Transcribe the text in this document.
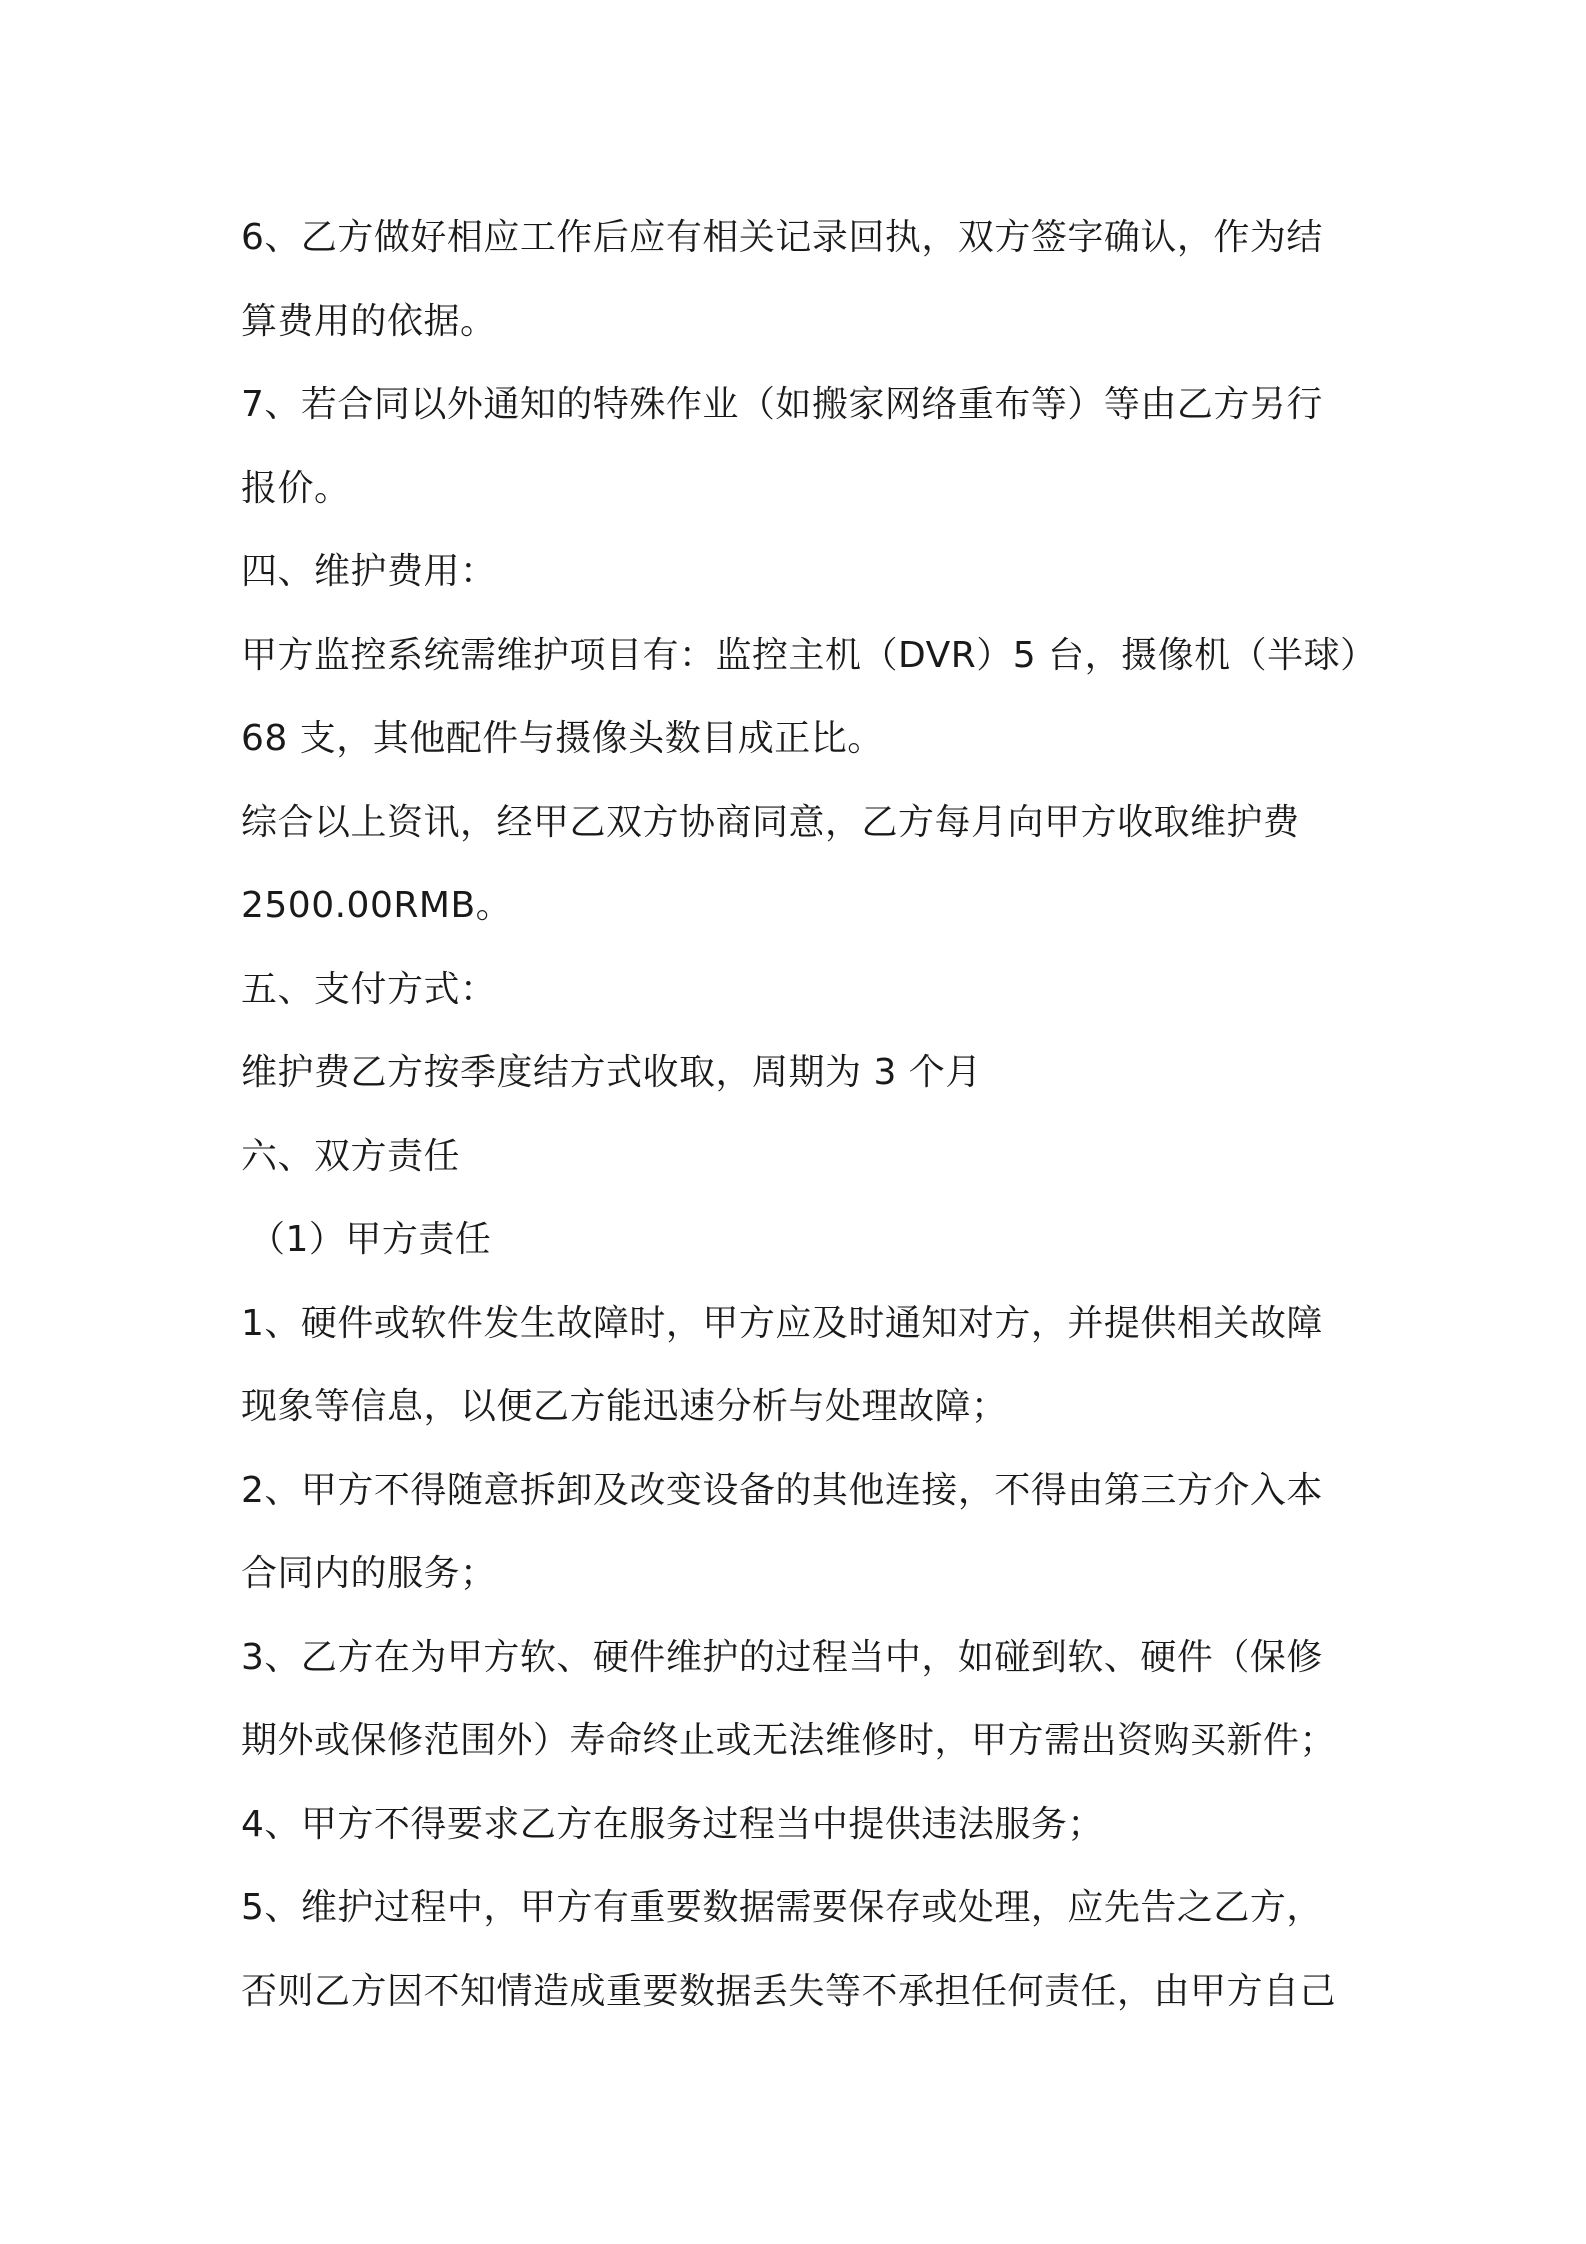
6、乙方做好相应工作后应有相关记录回执，双方签字确认，作为结
算费用的依据。
7、若合同以外通知的特殊作业（如搬家网络重布等）等由乙方另行
报价。
四、维护费用：
甲方监控系统需维护项目有：监控主机（DVR）5 台，摄像机（半球）
68 支，其他配件与摄像头数目成正比。
综合以上资讯，经甲乙双方协商同意，乙方每月向甲方收取维护费
2500.00RMB。
五、支付方式：
维护费乙方按季度结方式收取，周期为 3 个月
六、双方责任
（1）甲方责任
1、硬件或软件发生故障时，甲方应及时通知对方，并提供相关故障
现象等信息，以便乙方能迅速分析与处理故障；
2、甲方不得随意拆卸及改变设备的其他连接，不得由第三方介入本
合同内的服务；
3、乙方在为甲方软、硬件维护的过程当中，如碰到软、硬件（保修
期外或保修范围外）寿命终止或无法维修时，甲方需出资购买新件；
4、甲方不得要求乙方在服务过程当中提供违法服务；
5、维护过程中，甲方有重要数据需要保存或处理，应先告之乙方，
否则乙方因不知情造成重要数据丢失等不承担任何责任，由甲方自己
